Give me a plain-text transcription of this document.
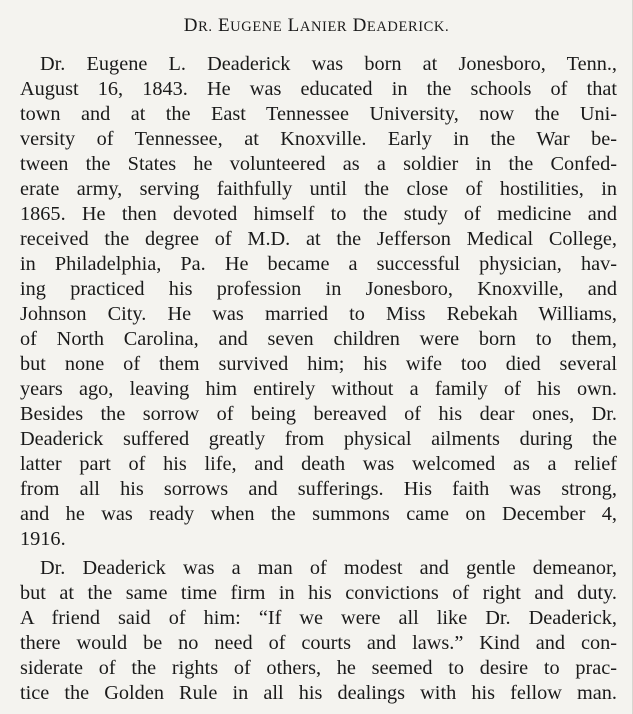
DR. EUGENE LANIER DEADERICK.
Dr. Eugene L. Deaderick was born at Jonesboro, Tenn.,
August 16, 1843. He was educated in the schools of that
town and at the East Tennessee University, now the Uni-
versity of Tennessee, at Knoxville. Early in the War be-
tween the States he volunteered as a soldier in the Confed-
erate army, serving faithfully until the close of hostilities, in
1865. He then devoted himself to the study of medicine and
received the degree of M.D. at the Jefferson Medical College,
in Philadelphia, Pa. He became a successful physician, hav-
ing practiced his profession in Jonesboro, Knoxville, and
Johnson City. He was married to Miss Rebekah Williams,
of North Carolina, and seven children were born to them,
but none of them survived him; his wife too died several
years ago, leaving him entirely without a family of his own.
Besides the sorrow of being bereaved of his dear ones, Dr.
Deaderick suffered greatly from physical ailments during the
latter part of his life, and death was welcomed as a relief
from all his sorrows and sufferings. His faith was strong,
and he was ready when the summons came on December 4,
1916.
Dr. Deaderick was a man of modest and gentle demeanor,
but at the same time firm in his convictions of right and duty.
A friend said of him: “If we were all like Dr. Deaderick,
there would be no need of courts and laws.” Kind and con-
siderate of the rights of others, he seemed to desire to prac-
tice the Golden Rule in all his dealings with his fellow man.
